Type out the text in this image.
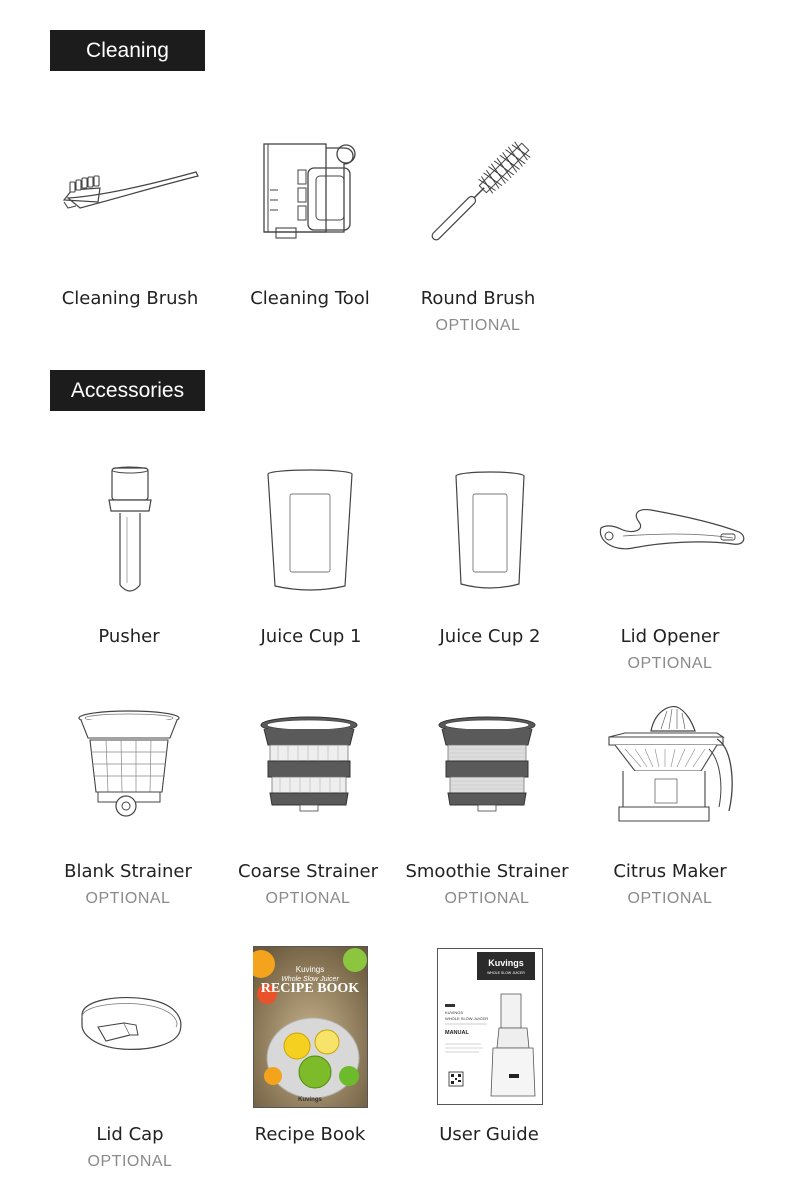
Cleaning
Cleaning Brush	Cleaning Tool	Round Brush
OPTIONAL
Accessories
Pusher	Juice Cup 1	Juice Cup 2	Lid Opener
OPTIONAL
Blank Strainer
OPTIONAL
Coarse Strainer
OPTIONAL
Smoothie Strainer
OPTIONAL
Citrus Maker
OPTIONAL
Lid Cap
OPTIONAL
Kuvings
Whole Slow Juicer
RECIPE BOOK
Kuvings
Recipe Book
Kuvings
WHOLE SLOW JUICER
KUVINGS
WHOLE SLOW JUICER
MANUAL
User Guide
